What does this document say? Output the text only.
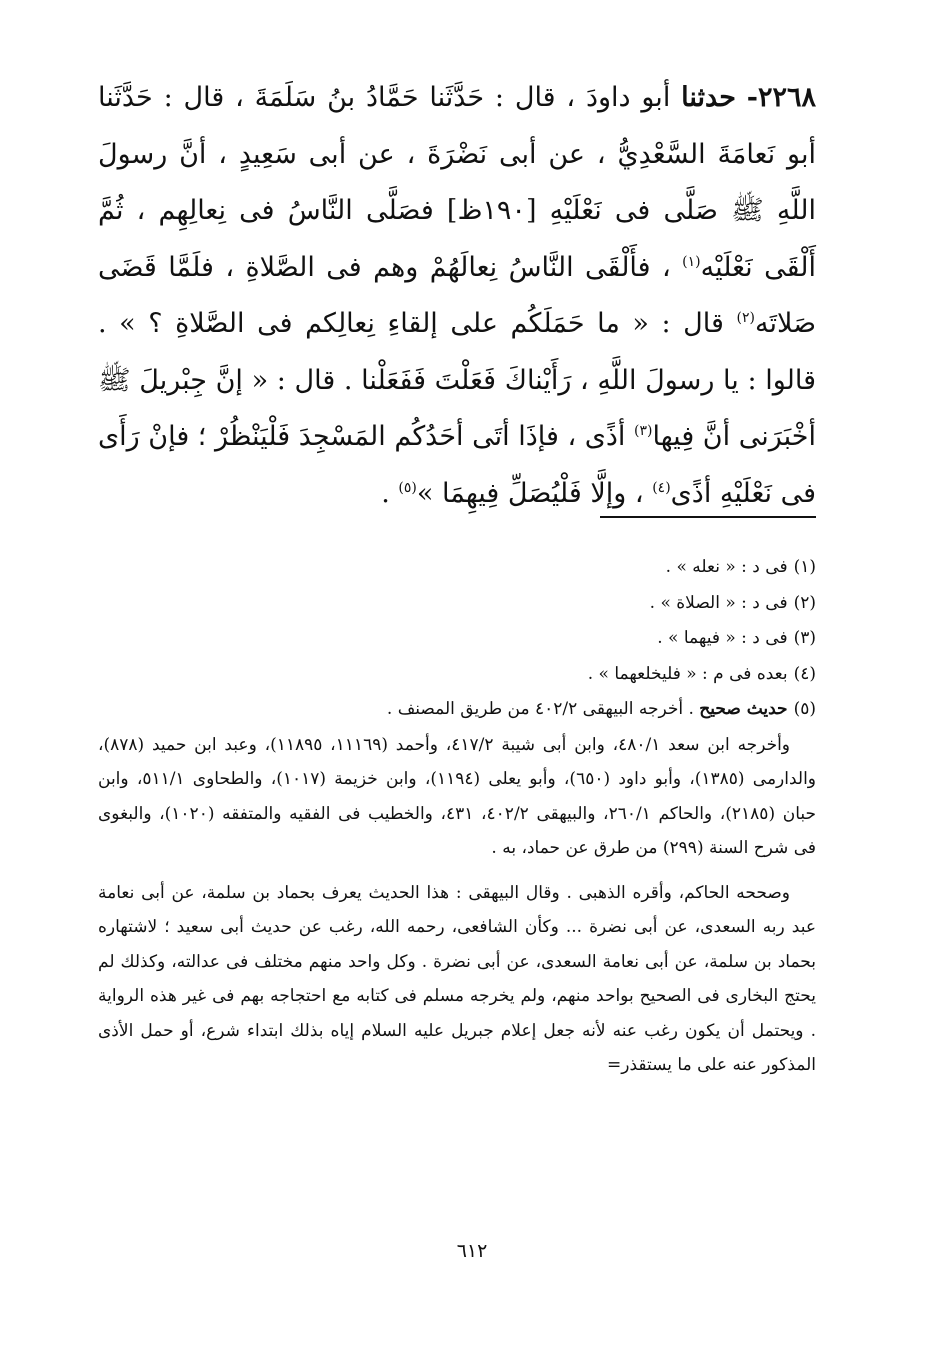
٢٢٦٨- حدثنا أبو داودَ ، قال : حَدَّثَنا حَمَّادُ بنُ سَلَمَةَ ، قال : حَدَّثَنا أبو نَعامَةَ السَّعْدِيُّ ، عن أبى نَضْرَةَ ، عن أبى سَعِيدٍ ، أنَّ رسولَ اللَّهِ ﷺ صَلَّى فى نَعْلَيْهِ [١٩٠ظ] فصَلَّى النَّاسُ فى نِعالِهِم ، ثُمَّ أَلْقَى نَعْلَيْه$^{(١)}$ ، فأَلْقَى النَّاسُ نِعالَهُمْ وهم فى الصَّلاةِ ، فلَمَّا قَضَى صَلاتَه$^{(٢)}$ قال : « ما حَمَلَكُم على إلقاءِ نِعالِكم فى الصَّلاةِ ؟ » . قالوا : يا رسولَ اللَّهِ ، رَأَيْناكَ فَعَلْتَ فَفَعَلْنا . قال : « إنَّ جِبْريلَ ﷺ أخْبَرَنى أنَّ فِيها$^{(٣)}$ أذًى ، فإذَا أتَى أحَدُكُم المَسْجِدَ فَلْيَنْظُرْ ؛ فإنْ رَأَى فى نَعْلَيْهِ أذًى$^{(٤)}$ ، وإلَّا فَلْيُصَلِّ فِيهِمَا »$^{(٥)}$ .

(١)فى د : « نعله » .

(٢)فى د : « الصلاة » .

(٣)فى د : « فيهما » .

(٤)بعده فى م : « فليخلعهما » .

(٥)حديث صحيح . أخرجه البيهقى ٤٠٢/٢ من طريق المصنف .

وأخرجه ابن سعد ٤٨٠/١، وابن أبى شيبة ٤١٧/٢، وأحمد (١١١٦٩، ١١٨٩٥)، وعبد ابن حميد (٨٧٨)، والدارمى (١٣٨٥)، وأبو داود (٦٥٠)، وأبو يعلى (١١٩٤)، وابن خزيمة (١٠١٧)، والطحاوى ٥١١/١، وابن حبان (٢١٨٥)، والحاكم ٢٦٠/١، والبيهقى ٤٠٢/٢، ٤٣١، والخطيب فى الفقيه والمتفقه (١٠٢٠)، والبغوى فى شرح السنة (٢٩٩) من طرق عن حماد، به .

وصححه الحاكم، وأقره الذهبى . وقال البيهقى : هذا الحديث يعرف بحماد بن سلمة، عن أبى نعامة عبد ربه السعدى، عن أبى نضرة ... وكأن الشافعى، رحمه الله، رغب عن حديث أبى سعيد ؛ لاشتهاره بحماد بن سلمة، عن أبى نعامة السعدى، عن أبى نضرة . وكل واحد منهم مختلف فى عدالته، وكذلك لم يحتج البخارى فى الصحيح بواحد منهم، ولم يخرجه مسلم فى كتابه مع احتجاجه بهم فى غير هذه الرواية . ويحتمل أن يكون رغب عنه لأنه جعل إعلام جبريل عليه السلام إياه بذلك ابتداء شرع، أو حمل الأذى المذكور عنه على ما يستقذر=

٦١٢
